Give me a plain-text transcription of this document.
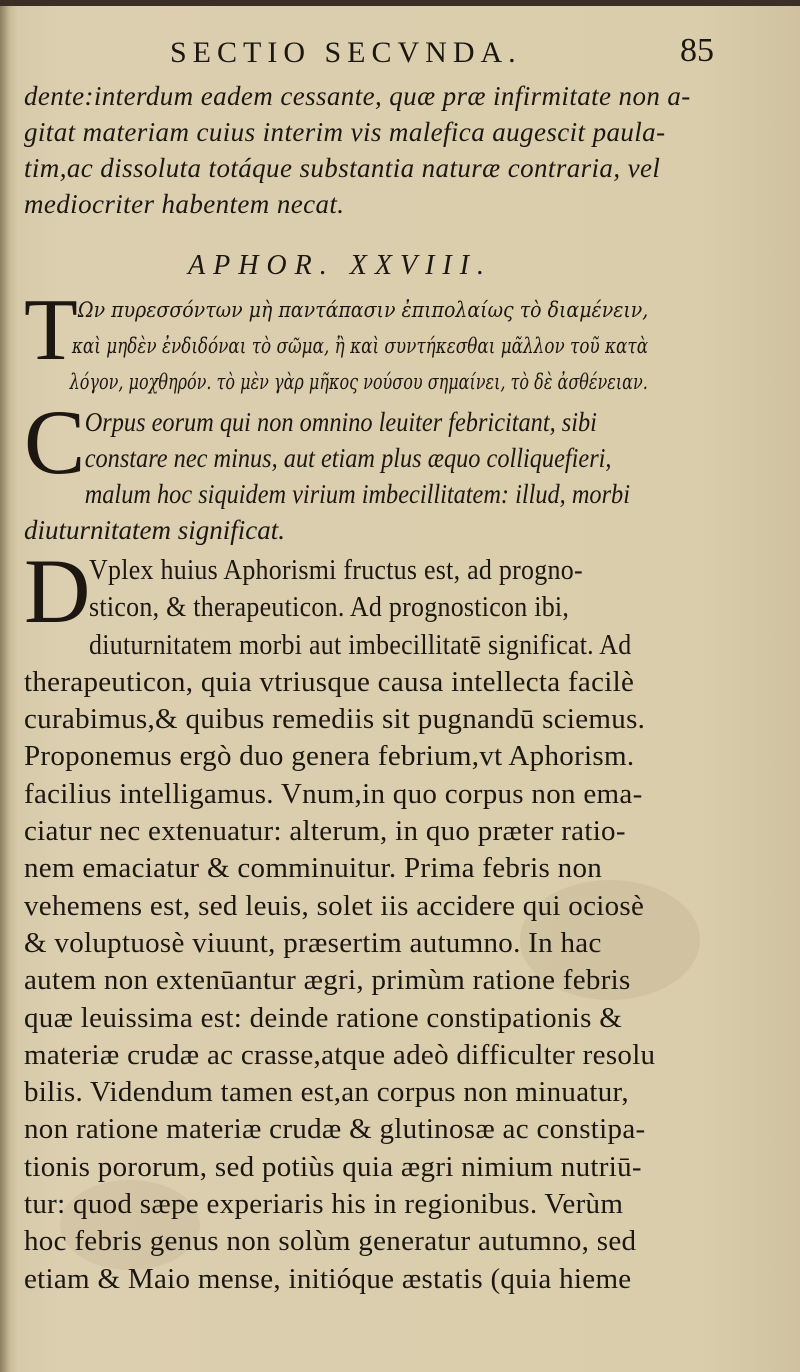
SECTIO SECVNDA.	85
dente:interdum eadem cessante, quæ præ infirmitate non a-
gitat materiam cuius interim vis malefica augescit paula-
tim,ac dissoluta totáque substantia naturæ contraria, vel
mediocriter habentem necat.
APHOR. XXVIII.
T Ων πυρεσσόντων μὴ παντάπασιν ἐπιπολαίως τὸ διαμένειν,
καὶ μηδὲν ἐνδιδόναι τὸ σῶμα, ἢ καὶ συντήκεσθαι μᾶλλον τοῦ κατὰ
λόγον, μοχθηρόν. τὸ μὲν γὰρ μῆκος νούσου σημαίνει, τὸ δὲ ἀσθένειαν.
C Orpus eorum qui non omnino leuiter febricitant, sibi
constare nec minus, aut etiam plus æquo colliquefieri,
malum hoc siquidem virium imbecillitatem: illud, morbi
diuturnitatem significat.
D
Vplex huius Aphorismi fructus est, ad progno-
sticon, & therapeuticon. Ad prognosticon ibi,
diuturnitatem morbi aut imbecillitatē significat. Ad
therapeuticon, quia vtriusque causa intellecta facilè
curabimus,& quibus remediis sit pugnandū sciemus.
Proponemus ergò duo genera febrium,vt Aphorism.
facilius intelligamus. Vnum,in quo corpus non ema-
ciatur nec extenuatur: alterum, in quo præter ratio-
nem emaciatur & comminuitur. Prima febris non
vehemens est, sed leuis, solet iis accidere qui ociosè
& voluptuosè viuunt, præsertim autumno. In hac
autem non extenūantur ægri, primùm ratione febris
quæ leuissima est: deinde ratione constipationis &
materiæ crudæ ac crasse,atque adeò difficulter resolu
bilis. Videndum tamen est,an corpus non minuatur,
non ratione materiæ crudæ & glutinosæ ac constipa-
tionis pororum, sed potiùs quia ægri nimium nutriū-
tur: quod sæpe experiaris his in regionibus. Verùm
hoc febris genus non solùm generatur autumno, sed
etiam & Maio mense, initióque æstatis (quia hieme
